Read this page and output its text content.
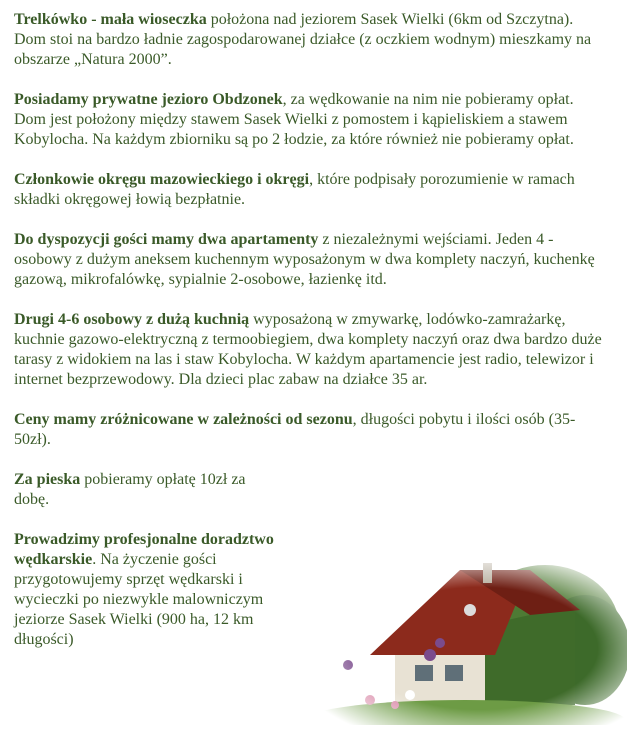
Trelkówko - mała wioseczka położona nad jeziorem Sasek Wielki (6km od Szczytna). Dom stoi na bardzo ładnie zagospodarowanej działce (z oczkiem wodnym) mieszkamy na obszarze „Natura 2000”.

Posiadamy prywatne jezioro Obdzonek, za wędkowanie na nim nie pobieramy opłat. Dom jest położony między stawem Sasek Wielki z pomostem i kąpieliskiem a stawem Kobylocha. Na każdym zbiorniku są po 2 łodzie, za które również nie pobieramy opłat.

Członkowie okręgu mazowieckiego i okręgi, które podpisały porozumienie w ramach składki okręgowej łowią bezpłatnie.

Do dyspozycji gości mamy dwa apartamenty z niezależnymi wejściami. Jeden 4 - osobowy z dużym aneksem kuchennym wyposażonym w dwa komplety naczyń, kuchenkę gazową, mikrofalówkę, sypialnie 2-osobowe, łazienkę itd.

Drugi 4-6 osobowy z dużą kuchnią wyposażoną w zmywarkę, lodówko-zamrażarkę, kuchnie gazowo-elektryczną z termoobiegiem, dwa komplety naczyń oraz dwa bardzo duże tarasy z widokiem na las i staw Kobylocha. W każdym apartamencie jest radio, telewizor i internet bezprzewodowy. Dla dzieci plac zabaw na działce 35 ar.

Ceny mamy zróżnicowane w zależności od sezonu, długości pobytu i ilości osób (35-50zł).

Za pieska pobieramy opłatę 10zł za dobę.

Prowadzimy profesjonalne doradztwo wędkarskie. Na życzenie gości przygotowujemy sprzęt wędkarski i wycieczki po niezwykle malowniczym jeziorze Sasek Wielki (900 ha, 12 km długości)
